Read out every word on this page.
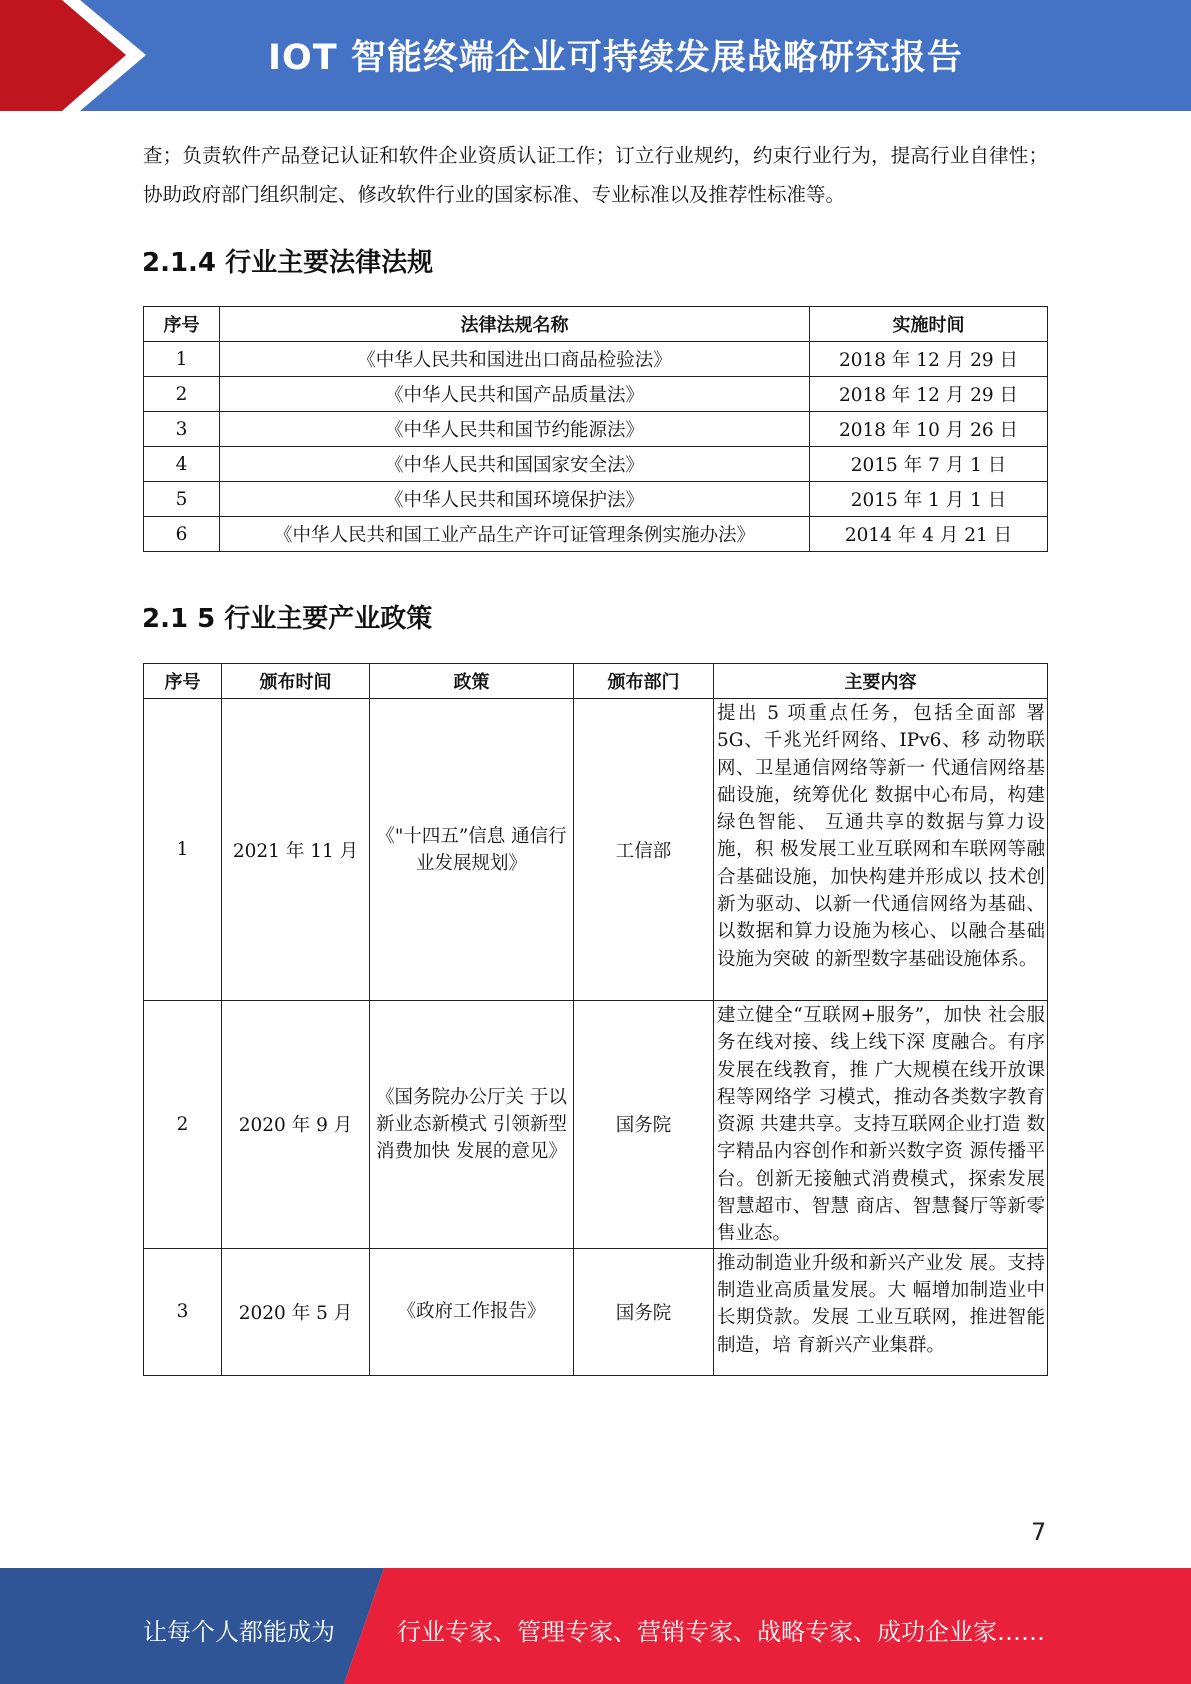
IOT 智能终端企业可持续发展战略研究报告

查；负责软件产品登记认证和软件企业资质认证工作；订立行业规约，约束行业行为，提高行业自律性；协助政府部门组织制定、修改软件行业的国家标准、专业标准以及推荐性标准等。

2.1.4 行业主要法律法规
序号	法律法规名称	实施时间
1	《中华人民共和国进出口商品检验法》	2018 年 12 月 29 日
2	《中华人民共和国产品质量法》	2018 年 12 月 29 日
3	《中华人民共和国节约能源法》	2018 年 10 月 26 日
4	《中华人民共和国国家安全法》	2015 年 7 月 1 日
5	《中华人民共和国环境保护法》	2015 年 1 月 1 日
6	《中华人民共和国工业产品生产许可证管理条例实施办法》	2014 年 4 月 21 日
2.1 5 行业主要产业政策
序号	颁布时间	政策	颁布部门	主要内容
1	2021 年 11 月	《"十四五”信息 通信行业发展规划》	工信部	提出 5 项重点任务，包括全面部 署5G、千兆光纤网络、IPv6、移 动物联网、卫星通信网络等新一 代通信网络基础设施，统筹优化 数据中心布局，构建绿色智能、 互通共享的数据与算力设施，积 极发展工业互联网和车联网等融 合基础设施，加快构建并形成以 技术创新为驱动、以新一代通信网络为基础、以数据和算力设施为核心、以融合基础设施为突破 的新型数字基础设施体系。
2	2020 年 9 月	《国务院办公厅关 于以新业态新模式 引领新型消费加快 发展的意见》	国务院	建立健全“互联网+服务”，加快 社会服务在线对接、线上线下深 度融合。有序发展在线教育，推 广大规模在线开放课程等网络学 习模式，推动各类数字教育资源 共建共享。支持互联网企业打造 数字精品内容创作和新兴数字资 源传播平台。创新无接触式消费模式，探索发展智慧超市、智慧 商店、智慧餐厅等新零售业态。
3	2020 年 5 月	《政府工作报告》	国务院	推动制造业升级和新兴产业发 展。支持制造业高质量发展。大 幅增加制造业中长期贷款。发展 工业互联网，推进智能制造，培 育新兴产业集群。
7
让每个人都能成为	行业专家、管理专家、营销专家、战略专家、成功企业家……
